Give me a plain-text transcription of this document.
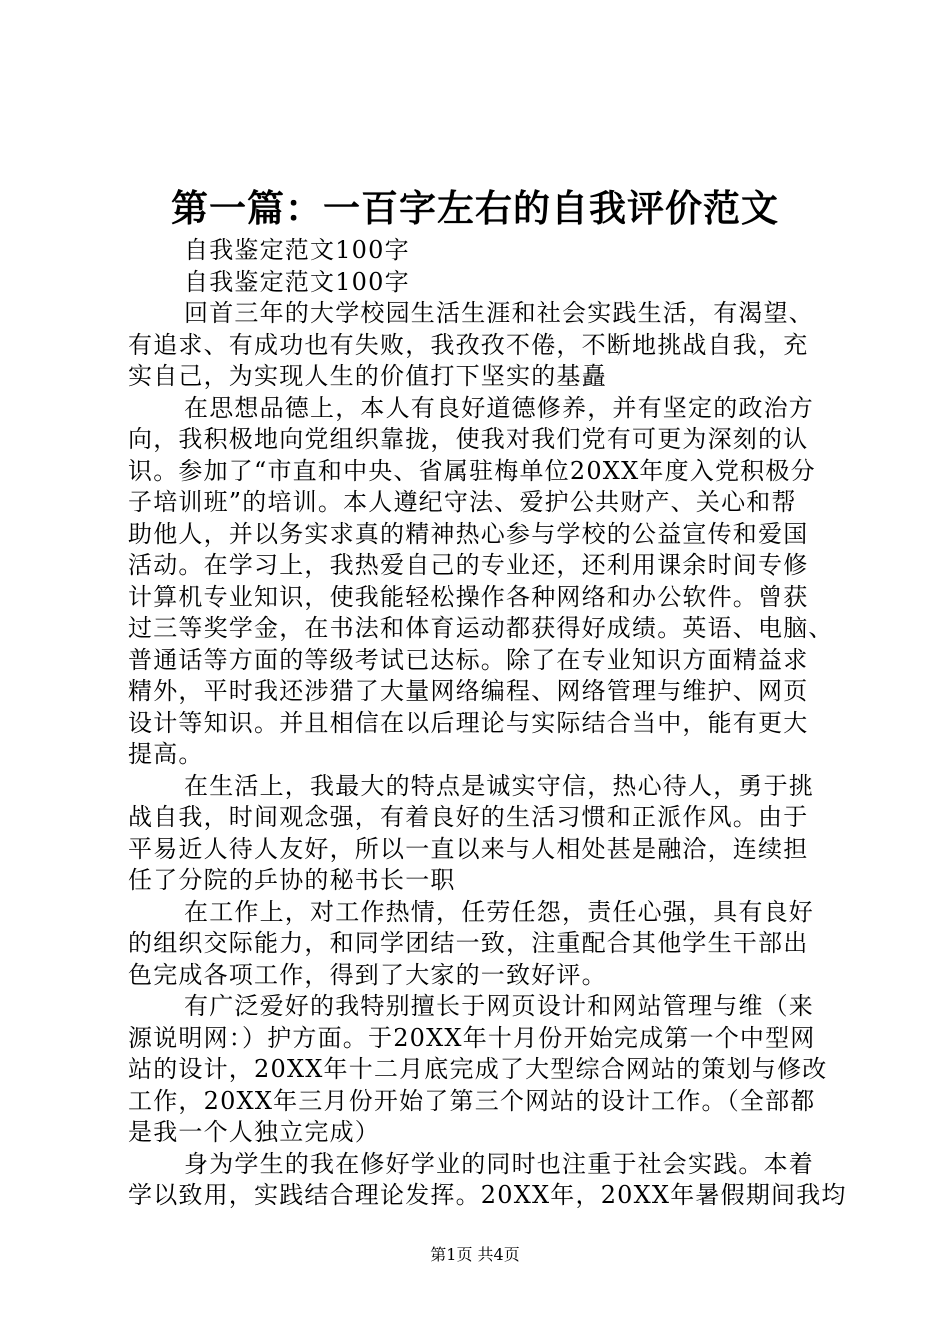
第一篇：一百字左右的自我评价范文
自我鉴定范文100字
自我鉴定范文100字
回首三年的大学校园生活生涯和社会实践生活，有渴望、
有追求、有成功也有失败，我孜孜不倦，不断地挑战自我，充
实自己，为实现人生的价值打下坚实的基矗
在思想品德上，本人有良好道德修养，并有坚定的政治方
向，我积极地向党组织靠拢，使我对我们党有可更为深刻的认
识。参加了“市直和中央、省属驻梅单位20XX年度入党积极分
子培训班”的培训。本人遵纪守法、爱护公共财产、关心和帮
助他人，并以务实求真的精神热心参与学校的公益宣传和爱国
活动。在学习上，我热爱自己的专业还，还利用课余时间专修
计算机专业知识，使我能轻松操作各种网络和办公软件。曾获
过三等奖学金，在书法和体育运动都获得好成绩。英语、电脑、
普通话等方面的等级考试已达标。除了在专业知识方面精益求
精外，平时我还涉猎了大量网络编程、网络管理与维护、网页
设计等知识。并且相信在以后理论与实际结合当中，能有更大
提高。
在生活上，我最大的特点是诚实守信，热心待人，勇于挑
战自我，时间观念强，有着良好的生活习惯和正派作风。由于
平易近人待人友好，所以一直以来与人相处甚是融洽，连续担
任了分院的乒协的秘书长一职
在工作上，对工作热情，任劳任怨，责任心强，具有良好
的组织交际能力，和同学团结一致，注重配合其他学生干部出
色完成各项工作，得到了大家的一致好评。
有广泛爱好的我特别擅长于网页设计和网站管理与维（来
源说明网：）护方面。于20XX年十月份开始完成第一个中型网
站的设计，20XX年十二月底完成了大型综合网站的策划与修改
工作，20XX年三月份开始了第三个网站的设计工作。（全部都
是我一个人独立完成）
身为学生的我在修好学业的同时也注重于社会实践。本着
学以致用，实践结合理论发挥。20XX年，20XX年暑假期间我均
第1页 共4页
